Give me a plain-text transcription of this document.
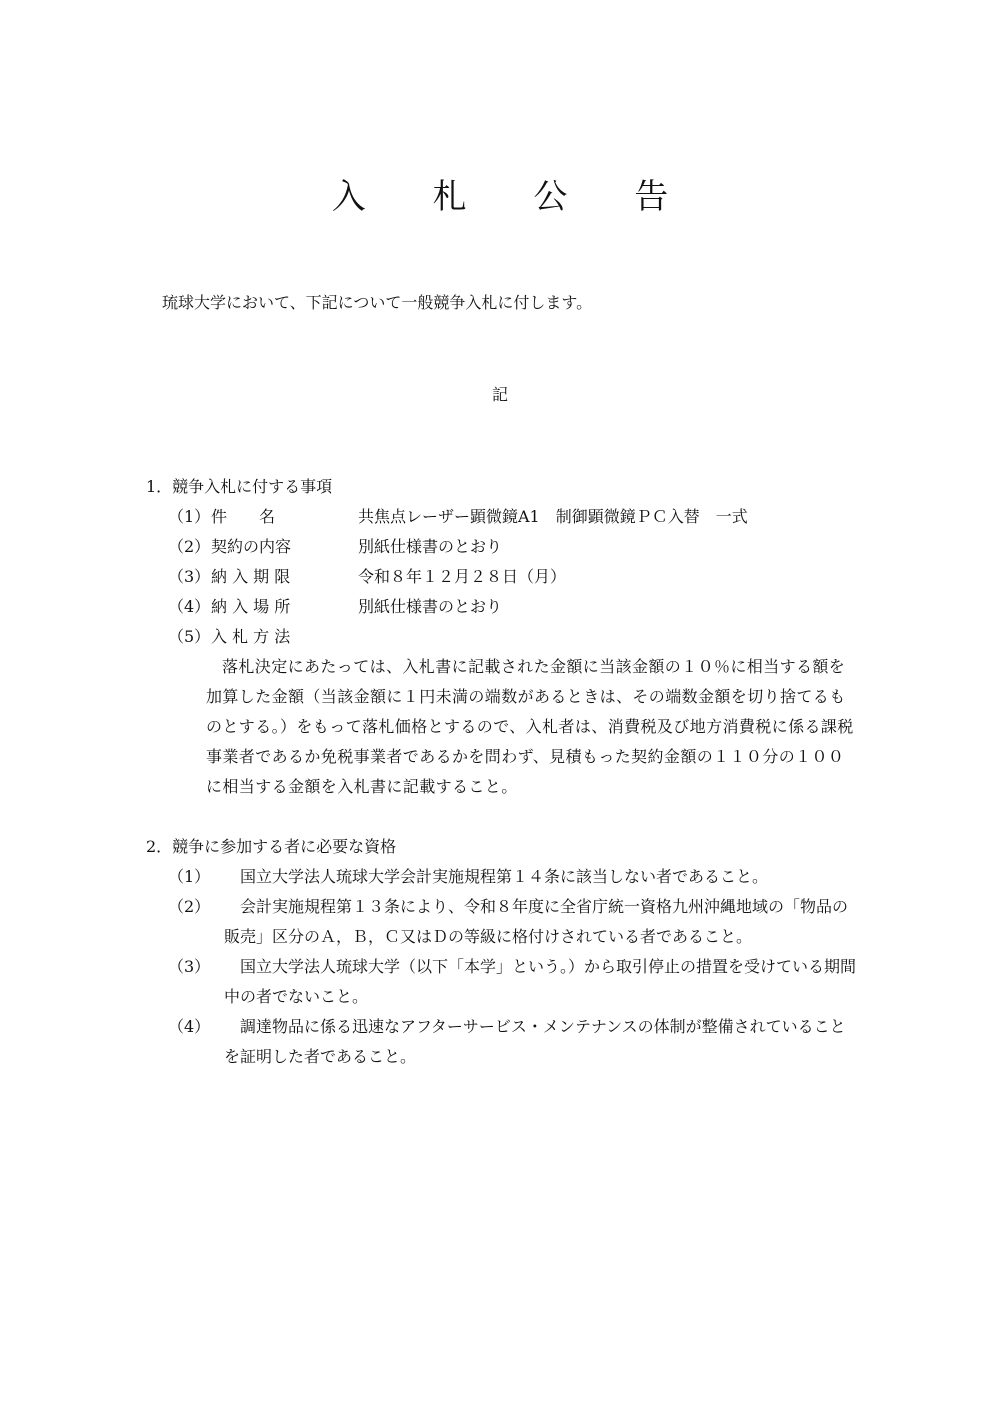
入 札 公 告
琉球大学において、下記について一般競争入札に付します。
記
1．競争入札に付する事項
（1） 件　　名	共焦点レーザー顕微鏡A1　制御顕微鏡ＰＣ入替　一式
（2） 契約の内容	別紙仕様書のとおり
（3） 納 入 期 限	令和８年１２月２８日（月）
（4） 納 入 場 所	別紙仕様書のとおり
（5） 入 札 方 法
落札決定にあたっては、入札書に記載された金額に当該金額の１０％に相当する額を加算した金額（当該金額に１円未満の端数があるときは、その端数金額を切り捨てるものとする。）をもって落札価格とするので、入札者は、消費税及び地方消費税に係る課税事業者であるか免税事業者であるかを問わず、見積もった契約金額の１１０分の１００に相当する金額を入札書に記載すること。
2．競争に参加する者に必要な資格
（1）	国立大学法人琉球大学会計実施規程第１４条に該当しない者であること。
（2）	会計実施規程第１３条により、令和８年度に全省庁統一資格九州沖縄地域の「物品の販売」区分のＡ，Ｂ，Ｃ又はＤの等級に格付けされている者であること。
（3）	国立大学法人琉球大学（以下「本学」という。）から取引停止の措置を受けている期間中の者でないこと。
（4）	調達物品に係る迅速なアフターサービス・メンテナンスの体制が整備されていることを証明した者であること。
